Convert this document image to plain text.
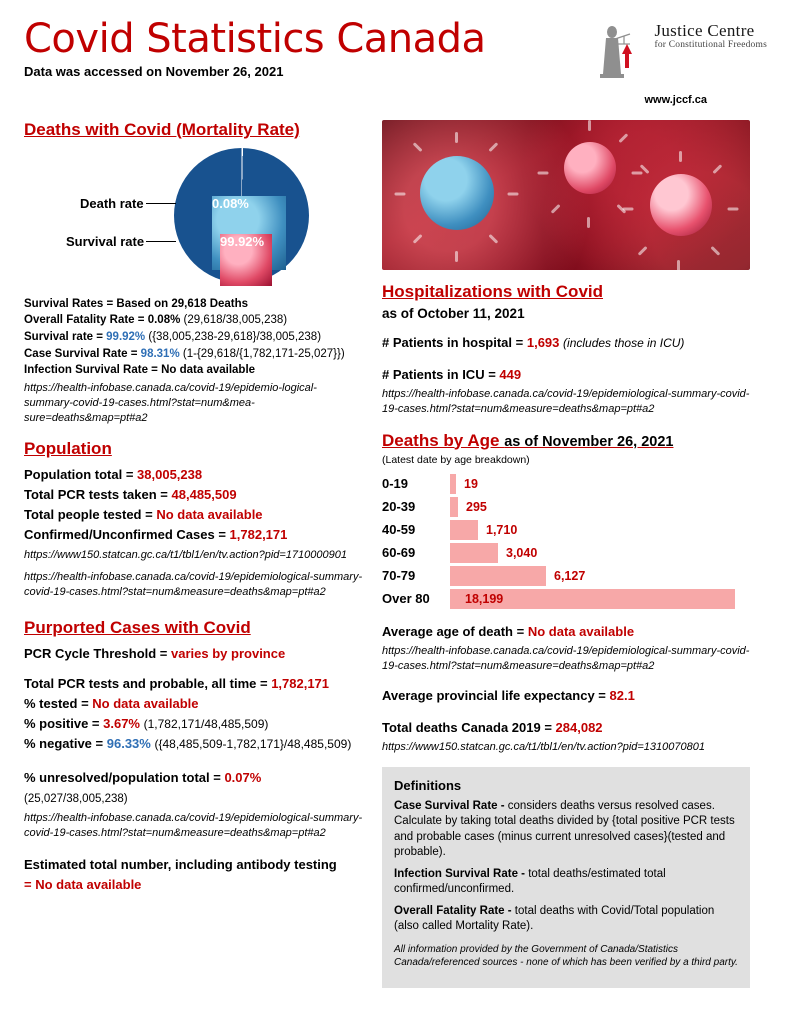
Covid Statistics Canada

Data was accessed on November 26, 2021

Justice Centre
for Constitutional Freedoms
www.jccf.ca
Deaths with Covid (Mortality Rate)
Death rate
Survival rate
0.08%
99.92%
Survival Rates = Based on 29,618 Deaths
Overall Fatality Rate = 0.08% (29,618/38,005,238)
Survival rate = 99.92% ({38,005,238-29,618}/38,005,238)
Case Survival Rate = 98.31% (1-{29,618/{1,782,171-25,027}})
Infection Survival Rate = No data available

https://health-infobase.canada.ca/covid-19/epidemio-logical-summary-covid-19-cases.html?stat=num&mea-sure=deaths&map=pt#a2

Population
Population total = 38,005,238
Total PCR tests taken = 48,485,509
Total people tested = No data available
Confirmed/Unconfirmed Cases = 1,782,171

https://www150.statcan.gc.ca/t1/tbl1/en/tv.action?pid=1710000901

https://health-infobase.canada.ca/covid-19/epidemiological-summary-covid-19-cases.html?stat=num&measure=deaths&map=pt#a2

Purported Cases with Covid
PCR Cycle Threshold = varies by province
Total PCR tests and probable, all time = 1,782,171
% tested = No data available
% positive = 3.67% (1,782,171/48,485,509)
% negative = 96.33% ({48,485,509-1,782,171}/48,485,509)
% unresolved/population total = 0.07%
(25,027/38,005,238)

https://health-infobase.canada.ca/covid-19/epidemiological-summary-covid-19-cases.html?stat=num&measure=deaths&map=pt#a2

Estimated total number, including antibody testing
= No data available
Hospitalizations with Covid
as of October 11, 2021
# Patients in hospital = 1,693 (includes those in ICU)
# Patients in ICU = 449

https://health-infobase.canada.ca/covid-19/epidemiological-summary-covid-19-cases.html?stat=num&measure=deaths&map=pt#a2

Deaths by Age as of November 26, 2021
(Latest date by age breakdown)
0-19	19
20-39	295
40-59	1,710
60-69	3,040
70-79	6,127
Over 80	18,199
Average age of death = No data available

https://health-infobase.canada.ca/covid-19/epidemiological-summary-covid-19-cases.html?stat=num&measure=deaths&map=pt#a2

Average provincial life expectancy = 82.1
Total deaths Canada 2019 = 284,082

https://www150.statcan.gc.ca/t1/tbl1/en/tv.action?pid=1310070801

Definitions

Case Survival Rate - considers deaths versus resolved cases. Calculate by taking total deaths divided by {total positive PCR tests and probable cases (minus current unresolved cases}(tested and probable).

Infection Survival Rate - total deaths/estimated total confirmed/unconfirmed.

Overall Fatality Rate - total deaths with Covid/Total population (also called Mortality Rate).

All information provided by the Government of Canada/Statistics Canada/referenced sources - none of which has been verified by a third party.
